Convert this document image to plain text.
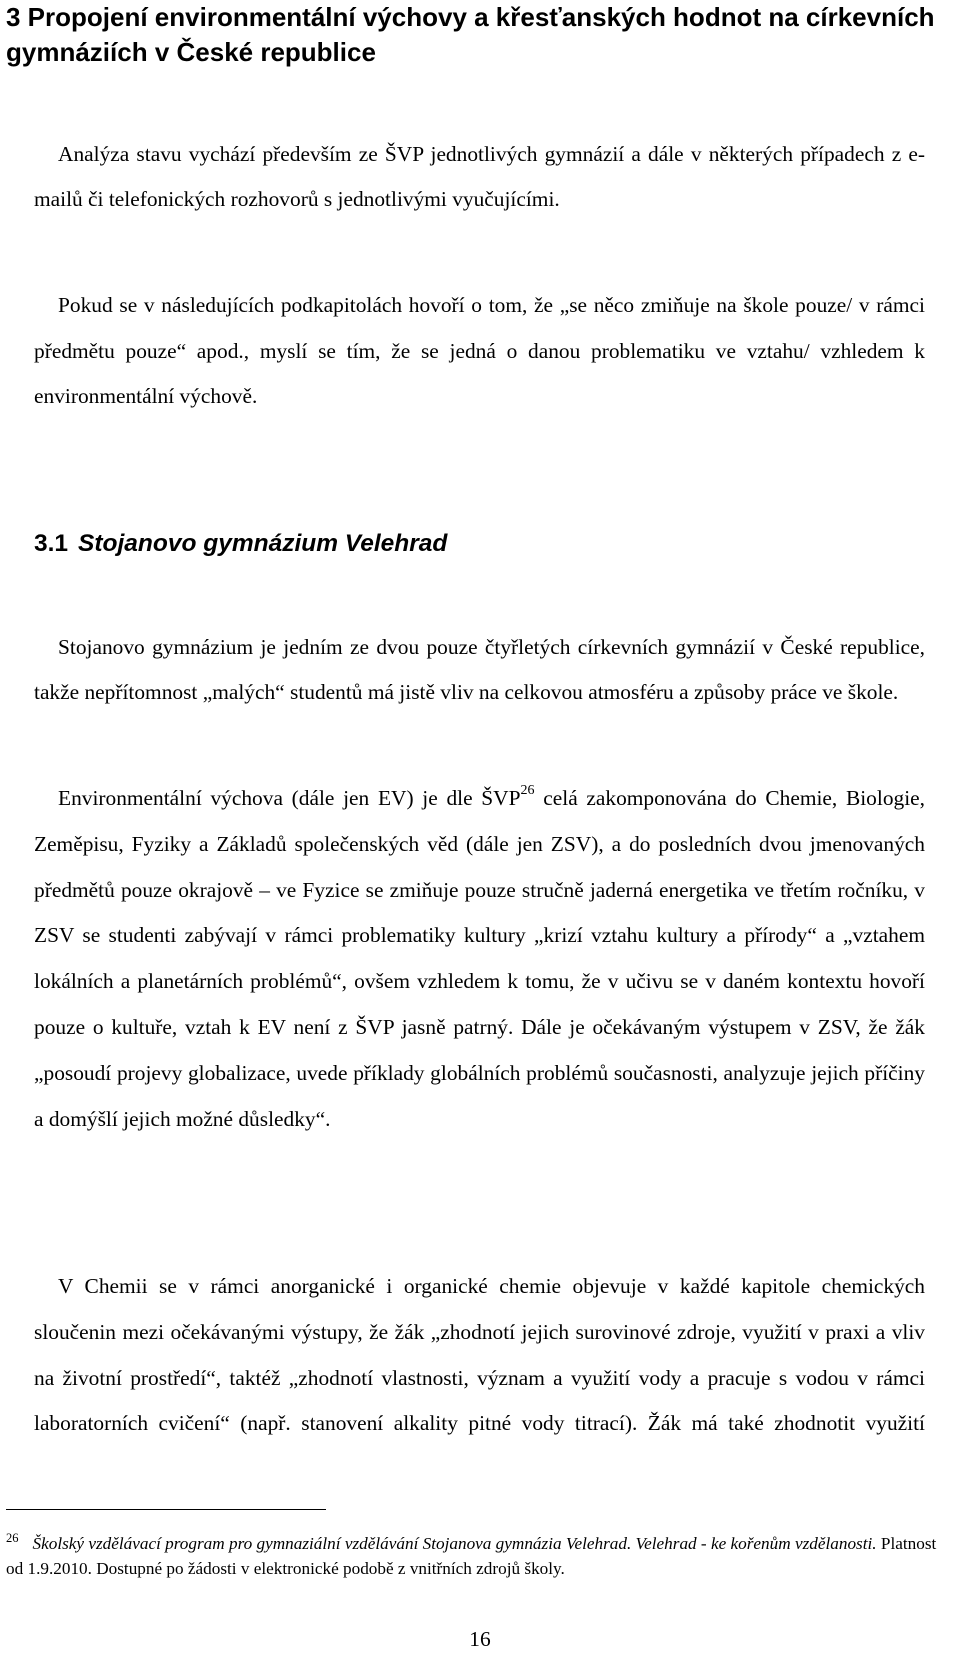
3 Propojení environmentální výchovy a křesťanských hodnot na církevních gymnáziích v České republice

Analýza stavu vychází především ze ŠVP jednotlivých gymnázií a dále v některých případech z e-mailů či telefonických rozhovorů s jednotlivými vyučujícími.

Pokud se v následujících podkapitolách hovoří o tom, že „se něco zmiňuje na škole pouze/ v rámci předmětu pouze“ apod., myslí se tím, že se jedná o danou problematiku ve vztahu/ vzhledem k environmentální výchově.

3.1 Stojanovo gymnázium Velehrad

Stojanovo gymnázium je jedním ze dvou pouze čtyřletých církevních gymnázií v České republice, takže nepřítomnost „malých“ studentů má jistě vliv na celkovou atmosféru a způsoby práce ve škole.

Environmentální výchova (dále jen EV) je dle ŠVP$^{26}$ celá zakomponována do Chemie, Biologie, Zeměpisu, Fyziky a Základů společenských věd (dále jen ZSV), a do posledních dvou jmenovaných předmětů pouze okrajově – ve Fyzice se zmiňuje pouze stručně jaderná energetika ve třetím ročníku, v ZSV se studenti zabývají v rámci problematiky kultury „krizí vztahu kultury a přírody“ a „vztahem lokálních a planetárních problémů“, ovšem vzhledem k tomu, že v učivu se v daném kontextu hovoří pouze o kultuře, vztah k EV není z ŠVP jasně patrný. Dále je očekávaným výstupem v ZSV, že žák „posoudí projevy globalizace, uvede příklady globálních problémů současnosti, analyzuje jejich příčiny a domýšlí jejich možné důsledky“.

V Chemii se v rámci anorganické i organické chemie objevuje v každé kapitole chemických sloučenin mezi očekávanými výstupy, že žák „zhodnotí jejich surovinové zdroje, využití v praxi a vliv na životní prostředí“, taktéž „zhodnotí vlastnosti, význam a využití vody a pracuje s vodou v rámci laboratorních cvičení“ (např. stanovení alkality pitné vody titrací). Žák má také zhodnotit využití

$^{26}$ Školský vzdělávací program pro gymnaziální vzdělávání Stojanova gymnázia Velehrad. Velehrad - ke kořenům vzdělanosti. Platnost od 1.9.2010. Dostupné po žádosti v elektronické podobě z vnitřních zdrojů školy.

16
